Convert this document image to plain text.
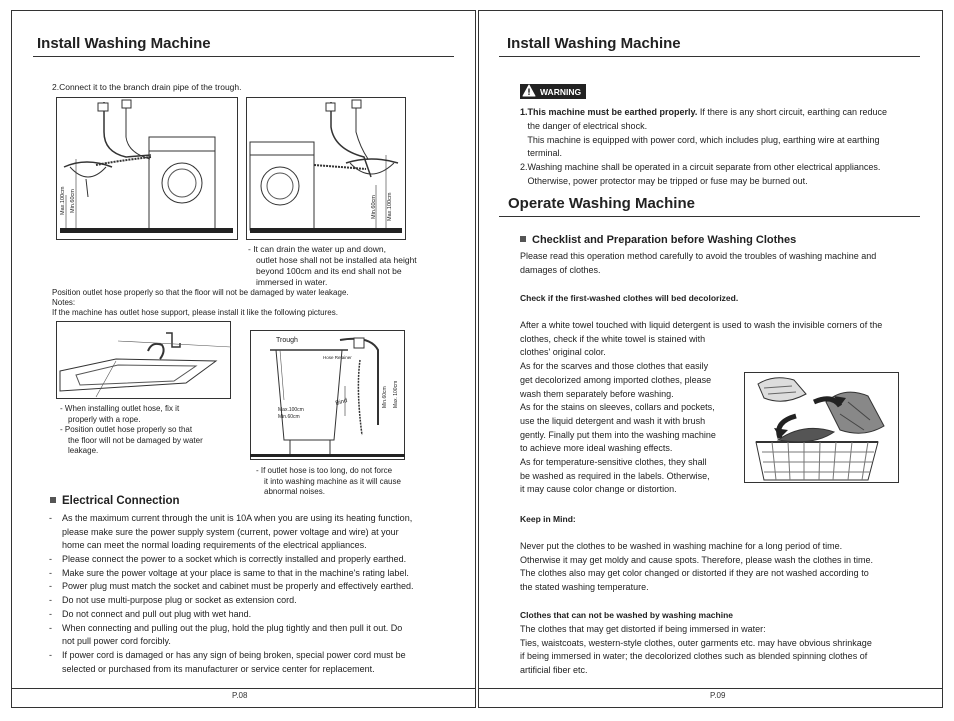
P.08
Install Washing Machine
2.Connect it to the branch drain pipe of the trough.
Min.60cm
Max.100cm	Min.60cm Max.100cm
- It can drain the water up and down,
outlet hose shall not be installed ata height
beyond 100cm and its end shall not be
immersed in water.
Position outlet hose properly so that the floor will not be damaged by water leakage.
Notes:
If the machine has outlet hose support, please install it like the following pictures.
- When installing outlet hose, fix it
properly with a rope.
- Position outlet hose properly so that
the floor will not be damaged by water
leakage.
Trough
Hose Retainer
Bind
Max.100cm
Min.60cm
Min.60cm Max. 100cm
- If outlet hose is too long, do not force
it into washing machine as it will cause
abnormal noises.
Electrical Connection
- As the maximum current through the unit is 10A when you are using its heating function,
please make sure the power supply system (current, power voltage and wire) at your
home can meet the normal loading requirements of the electrical appliances.
- Please connect the power to a socket which is correctly installed and properly earthed.
- Make sure the power voltage at your place is same to that in the machine's rating label.
- Power plug must match the socket and cabinet must be properly and effectively earthed.
- Do not use multi-purpose plug or socket as extension cord.
- Do not connect and pull out plug with wet hand.
- When connecting and pulling out the plug, hold the plug tightly and then pull it out. Do
not pull power cord forcibly.
- If power cord is damaged or has any sign of being broken, special power cord must be
selected or purchased from its manufacturer or service center for replacement.
P.09
Install Washing Machine
WARNING
1.This machine must be earthed properly. If there is any short circuit, earthing can reduce
the danger of electrical shock.
This machine is equipped with power cord, which includes plug, earthing wire at earthing
terminal.
2.Washing machine shall be operated in a circuit separate from other electrical appliances.
Otherwise, power protector may be tripped or fuse may be burned out.
Operate Washing Machine
Checklist and Preparation before Washing Clothes
Please read this operation method carefully to avoid the troubles of washing machine and
damages of clothes.
Check if the first-washed clothes will bed decolorized.
After a white towel touched with liquid detergent is used to wash the invisible corners of the
clothes, check if the white towel is stained with
clothes' original color.
As for the scarves and those clothes that easily
get decolorized among imported clothes, please
wash them separately before washing.
As for the stains on sleeves, collars and pockets,
use the liquid detergent and wash it with brush
gently. Finally put them into the washing machine
to achieve more ideal washing effects.
As for temperature-sensitive clothes, they shall
be washed as required in the labels. Otherwise,
it may cause color change or distortion.
Keep in Mind:
Never put the clothes to be washed in washing machine for a long period of time.
Otherwise it may get moldy and cause spots. Therefore, please wash the clothes in time.
The clothes also may get color changed or distorted if they are not washed according to
the stated washing temperature.
Clothes that can not be washed by washing machine
The clothes that may get distorted if being immersed in water:
Ties, waistcoats, western-style clothes, outer garments etc. may have obvious shrinkage
if being immersed in water; the decolorized clothes such as blended spinning clothes of
artificial fiber etc.
